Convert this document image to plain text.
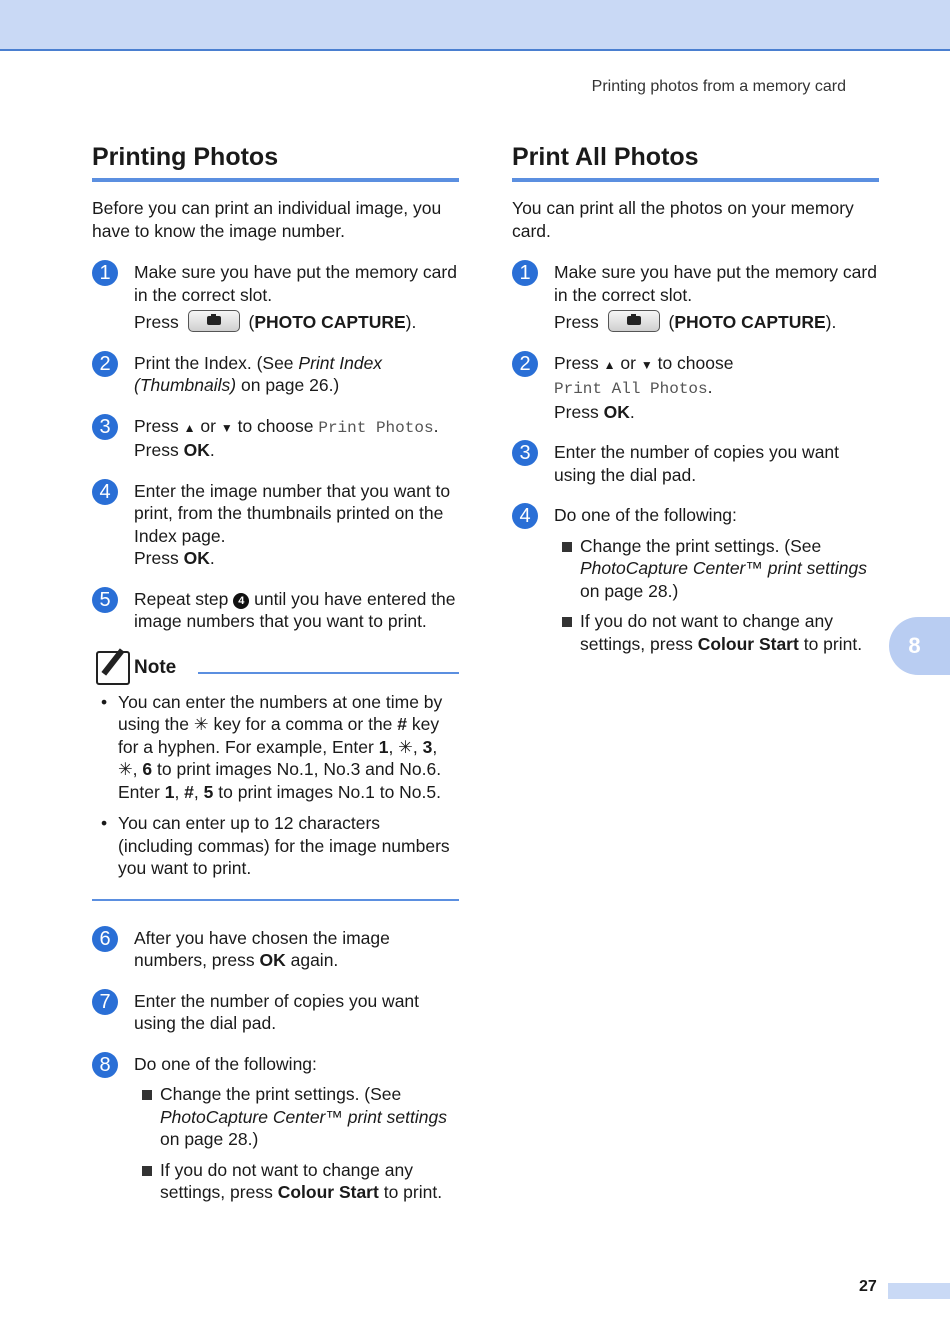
Printing photos from a memory card
Printing Photos
Before you can print an individual image, you have to know the image number.
1	Make sure you have put the memory card in the correct slot.

Press	(PHOTO CAPTURE).

2	Print the Index. (See Print Index (Thumbnails) on page 26.)

3	Press ▲ or ▼ to choose Print Photos.
Press OK.

4	Enter the image number that you want to print, from the thumbnails printed on the Index page.
Press OK.

5	Repeat step 4 until you have entered the image numbers that you want to print.

Note
• You can enter the numbers at one time by using the ✳ key for a comma or the # key for a hyphen. For example, Enter 1, ✳, 3, ✳, 6 to print images No.1, No.3 and No.6. Enter 1, #, 5 to print images No.1 to No.5.
• You can enter up to 12 characters (including commas) for the image numbers you want to print.
6	After you have chosen the image numbers, press OK again.

7	Enter the number of copies you want using the dial pad.

8	Do one of the following:

Change the print settings. (See PhotoCapture Center™ print settings on page 28.)
If you do not want to change any settings, press Colour Start to print.
Print All Photos
You can print all the photos on your memory card.
1	Make sure you have put the memory card in the correct slot.

Press	(PHOTO CAPTURE).

2	Press ▲ or ▼ to choose
Print All Photos.
Press OK.

3	Enter the number of copies you want using the dial pad.

4	Do one of the following:

Change the print settings. (See PhotoCapture Center™ print settings on page 28.)
If you do not want to change any settings, press Colour Start to print.	8
27
